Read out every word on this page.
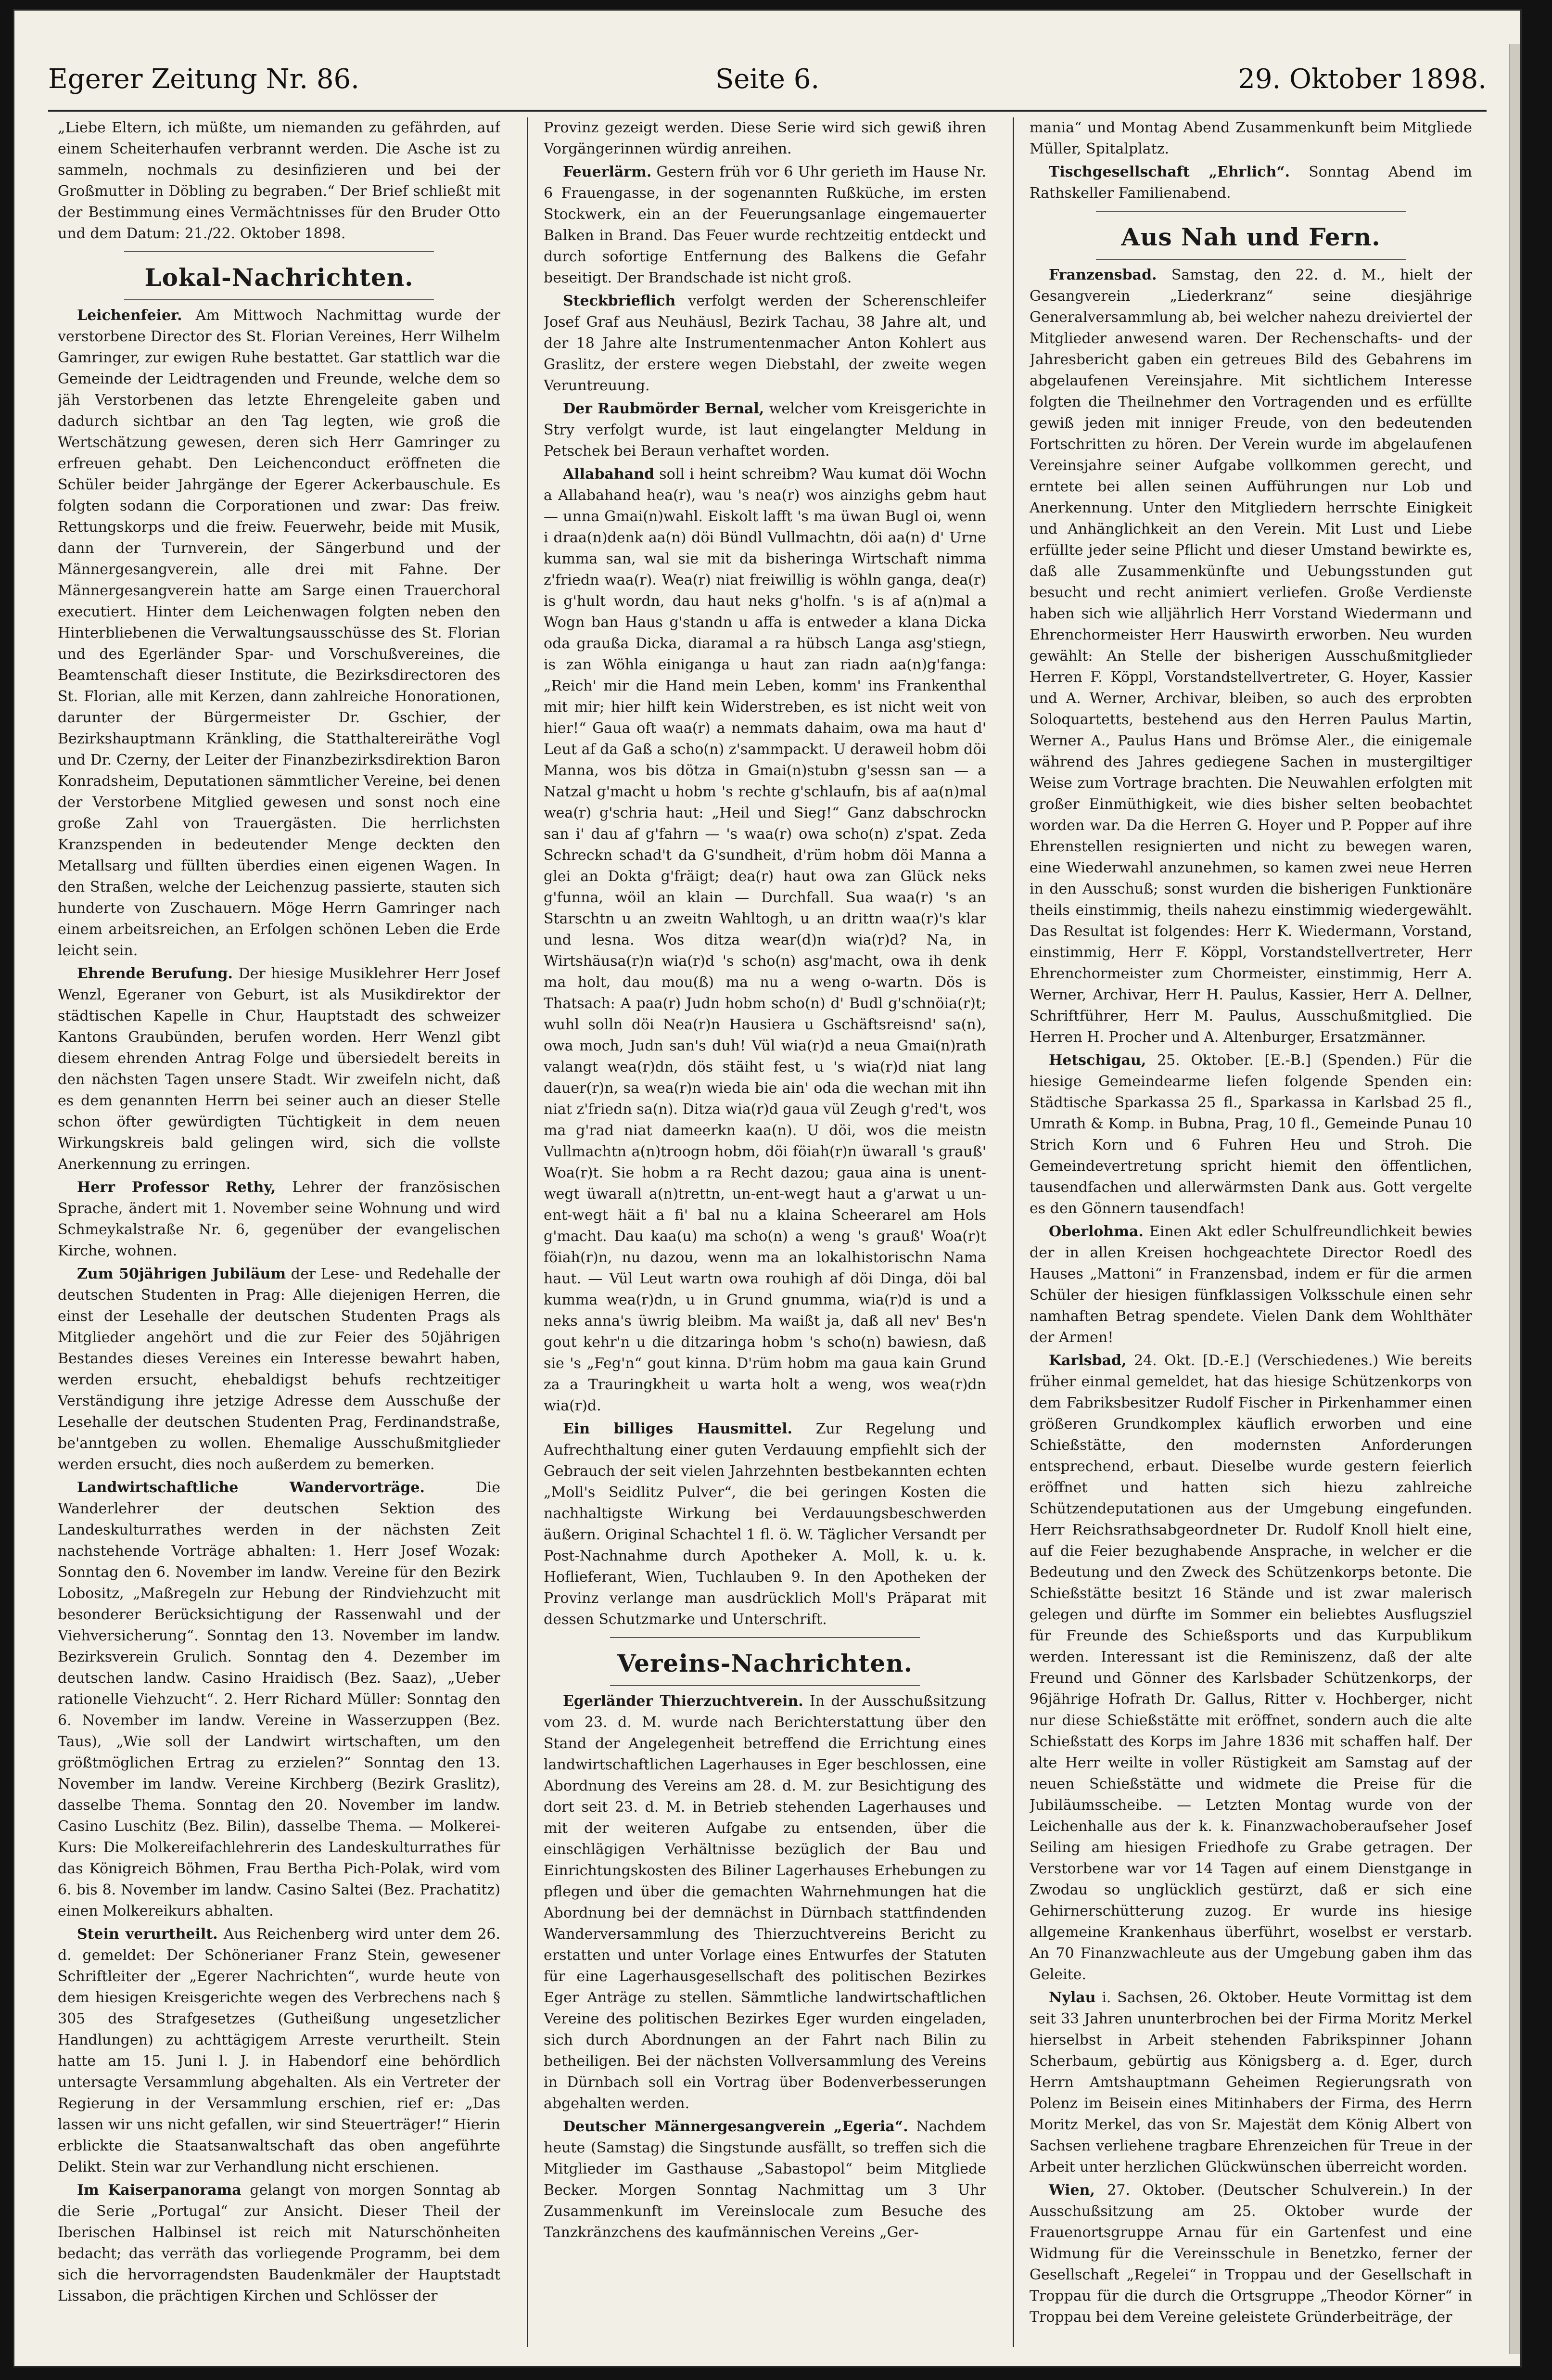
Egerer Zeitung Nr. 86.	Seite 6.	29. Oktober 1898.

„Liebe Eltern, ich müßte, um niemanden zu gefährden, auf einem Scheiterhaufen verbrannt werden. Die Asche ist zu sammeln, nochmals zu desinfizieren und bei der Großmutter in Döbling zu begraben.“ Der Brief schließt mit der Bestimmung eines Vermächtnisses für den Bruder Otto und dem Datum: 21./22. Oktober 1898.

Lokal-Nachrichten.

Leichenfeier. Am Mittwoch Nachmittag wurde der verstorbene Director des St. Florian Vereines, Herr Wilhelm Gamringer, zur ewigen Ruhe bestattet. Gar stattlich war die Gemeinde der Leidtragenden und Freunde, welche dem so jäh Verstorbenen das letzte Ehrengeleite gaben und dadurch sichtbar an den Tag legten, wie groß die Wertschätzung gewesen, deren sich Herr Gamringer zu erfreuen gehabt. Den Leichenconduct eröffneten die Schüler beider Jahrgänge der Egerer Ackerbauschule. Es folgten sodann die Corporationen und zwar: Das freiw. Rettungskorps und die freiw. Feuerwehr, beide mit Musik, dann der Turnverein, der Sängerbund und der Männergesangverein, alle drei mit Fahne. Der Männergesangverein hatte am Sarge einen Trauerchoral executiert. Hinter dem Leichenwagen folgten neben den Hinterbliebenen die Verwaltungsausschüsse des St. Florian und des Egerländer Spar- und Vorschußvereines, die Beamtenschaft dieser Institute, die Bezirksdirectoren des St. Florian, alle mit Kerzen, dann zahlreiche Honorationen, darunter der Bürgermeister Dr. Gschier, der Bezirkshauptmann Kränkling, die Statthaltereiräthe Vogl und Dr. Czerny, der Leiter der Finanzbezirksdirektion Baron Konradsheim, Deputationen sämmtlicher Vereine, bei denen der Verstorbene Mitglied gewesen und sonst noch eine große Zahl von Trauergästen. Die herrlichsten Kranzspenden in bedeutender Menge deckten den Metallsarg und füllten überdies einen eigenen Wagen. In den Straßen, welche der Leichenzug passierte, stauten sich hunderte von Zuschauern. Möge Herrn Gamringer nach einem arbeitsreichen, an Erfolgen schönen Leben die Erde leicht sein.

Ehrende Berufung. Der hiesige Musiklehrer Herr Josef Wenzl, Egeraner von Geburt, ist als Musikdirektor der städtischen Kapelle in Chur, Hauptstadt des schweizer Kantons Graubünden, berufen worden. Herr Wenzl gibt diesem ehrenden Antrag Folge und übersiedelt bereits in den nächsten Tagen unsere Stadt. Wir zweifeln nicht, daß es dem genannten Herrn bei seiner auch an dieser Stelle schon öfter gewürdigten Tüchtigkeit in dem neuen Wirkungskreis bald gelingen wird, sich die vollste Anerkennung zu erringen.

Herr Professor Rethy, Lehrer der französischen Sprache, ändert mit 1. November seine Wohnung und wird Schmeykalstraße Nr. 6, gegenüber der evangelischen Kirche, wohnen.

Zum 50jährigen Jubiläum der Lese- und Redehalle der deutschen Studenten in Prag: Alle diejenigen Herren, die einst der Lesehalle der deutschen Studenten Prags als Mitglieder angehört und die zur Feier des 50jährigen Bestandes dieses Vereines ein Interesse bewahrt haben, werden ersucht, ehebaldigst behufs rechtzeitiger Verständigung ihre jetzige Adresse dem Ausschuße der Lesehalle der deutschen Studenten Prag, Ferdinandstraße, be'anntgeben zu wollen. Ehemalige Ausschußmitglieder werden ersucht, dies noch außerdem zu bemerken.

Landwirtschaftliche Wandervorträge.	Die Wanderlehrer der deutschen Sektion des Landeskulturrathes werden in der nächsten Zeit nachstehende Vorträge abhalten: 1. Herr Josef Wozak: Sonntag den 6. November im landw. Vereine für den Bezirk Lobositz, „Maßregeln zur Hebung der Rindviehzucht mit besonderer Berücksichtigung der Rassenwahl und der Viehversicherung“. Sonntag den 13. November im landw. Bezirksverein Grulich. Sonntag den 4. Dezember im deutschen landw. Casino Hraidisch (Bez. Saaz), „Ueber rationelle Viehzucht“. 2. Herr Richard Müller: Sonntag den 6. November im landw. Vereine in Wasserzuppen (Bez. Taus), „Wie soll der Landwirt wirtschaften, um den größtmöglichen Ertrag zu erzielen?“ Sonntag den 13. November im landw. Vereine Kirchberg (Bezirk Graslitz), dasselbe Thema. Sonntag den 20. November im landw. Casino Luschitz (Bez. Bilin), dasselbe Thema. — Molkerei-Kurs: Die Molkereifachlehrerin des Landeskulturrathes für das Königreich Böhmen, Frau Bertha Pich-Polak, wird vom 6. bis 8. November im landw. Casino Saltei (Bez. Prachatitz) einen Molkereikurs abhalten.

Stein verurtheilt. Aus Reichenberg wird unter dem 26. d. gemeldet: Der Schönerianer Franz Stein, gewesener Schriftleiter der „Egerer Nachrichten“, wurde heute von dem hiesigen Kreisgerichte wegen des Verbrechens nach § 305 des Strafgesetzes (Gutheißung ungesetzlicher Handlungen) zu achttägigem Arreste verurtheilt. Stein hatte am 15. Juni l. J. in Habendorf eine behördlich untersagte Versammlung abgehalten. Als ein Vertreter der Regierung in der Versammlung erschien, rief er: „Das lassen wir uns nicht gefallen, wir sind Steuerträger!“ Hierin erblickte die Staatsanwaltschaft das oben angeführte Delikt. Stein war zur Verhandlung nicht erschienen.

Im Kaiserpanorama gelangt von morgen Sonntag ab die Serie „Portugal“ zur Ansicht. Dieser Theil der Iberischen Halbinsel ist reich mit Naturschönheiten bedacht; das verräth das vorliegende Programm, bei dem sich die hervorragendsten Baudenkmäler der Hauptstadt Lissabon, die prächtigen Kirchen und Schlösser der

Provinz gezeigt werden. Diese Serie wird sich gewiß ihren Vorgängerinnen würdig anreihen.

Feuerlärm. Gestern früh vor 6 Uhr gerieth im Hause Nr. 6 Frauengasse, in der sogenannten Rußküche, im ersten Stockwerk, ein an der Feuerungsanlage eingemauerter Balken in Brand. Das Feuer wurde rechtzeitig entdeckt und durch sofortige Entfernung des Balkens die Gefahr beseitigt. Der Brandschade ist nicht groß.

Steckbrieflich verfolgt werden der Scherenschleifer Josef Graf aus Neuhäusl, Bezirk Tachau, 38 Jahre alt, und der 18 Jahre alte Instrumentenmacher Anton Kohlert aus Graslitz, der erstere wegen Diebstahl, der zweite wegen Veruntreuung.

Der Raubmörder Bernal, welcher vom Kreisgerichte in Stry verfolgt wurde, ist laut eingelangter Meldung in Petschek bei Beraun verhaftet worden.

Allabahand soll i heint schreibm? Wau kumat döi Wochn a Allabahand hea(r), wau 's nea(r) wos ainzighs gebm haut — unna Gmai(n)wahl. Eiskolt lafft 's ma üwan Bugl oi, wenn i draa(n)denk aa(n) döi Bündl Vullmachtn, döi aa(n) d' Urne kumma san, wal sie mit da bisheringa Wirtschaft nimma z'friedn waa(r). Wea(r) niat freiwillig is wöhln ganga, dea(r) is g'hult wordn, dau haut neks g'holfn. 's is af a(n)mal a Wogn ban Haus g'standn u affa is entweder a klana Dicka oda graußa Dicka, diaramal a ra hübsch Langa asg'stiegn, is zan Wöhla einiganga u haut zan riadn aa(n)g'fanga: „Reich' mir die Hand mein Leben, komm' ins Frankenthal mit mir; hier hilft kein Widerstreben, es ist nicht weit von hier!“ Gaua oft waa(r) a nemmats dahaim, owa ma haut d' Leut af da Gaß a scho(n) z'sammpackt. U deraweil hobm döi Manna, wos bis dötza in Gmai(n)stubn g'sessn san — a Natzal g'macht u hobm 's rechte g'schlaufn, bis af aa(n)mal wea(r) g'schria haut: „Heil und Sieg!“ Ganz dabschrockn san i' dau af g'fahrn — 's waa(r) owa scho(n) z'spat. Zeda Schreckn schad't da G'sundheit, d'rüm hobm döi Manna a glei an Dokta g'fräigt; dea(r) haut owa zan Glück neks g'funna, wöil an klain — Durchfall. Sua waa(r) 's an Starschtn u an zweitn Wahltogh, u an drittn waa(r)'s klar und lesna. Wos ditza wear(d)n wia(r)d? Na, in Wirtshäusa(r)n wia(r)d 's scho(n) asg'macht, owa ih denk ma holt, dau mou(ß) ma nu a weng o-wartn. Dös is Thatsach: A paa(r) Judn hobm scho(n) d' Budl g'schnöia(r)t; wuhl solln döi Nea(r)n Hausiera u Gschäftsreisnd' sa(n), owa moch, Judn san's duh! Vül wia(r)d a neua Gmai(n)rath valangt wea(r)dn, dös stäiht fest, u 's wia(r)d niat lang dauer(r)n, sa wea(r)n wieda bie ain' oda die wechan mit ihn niat z'friedn sa(n). Ditza wia(r)d gaua vül Zeugh g'red't, wos ma g'rad niat dameerkn kaa(n). U döi, wos die meistn Vullmachtn a(n)troogn hobm, döi föiah(r)n üwarall 's grauß' Woa(r)t. Sie hobm a ra Recht dazou; gaua aina is unent-wegt üwarall a(n)trettn, un-ent-wegt haut a g'arwat u un-ent-wegt häit a fi' bal nu a klaina Scheerarel am Hols g'macht. Dau kaa(u) ma scho(n) a weng 's grauß' Woa(r)t föiah(r)n, nu dazou, wenn ma an lokalhistorischn Nama haut. — Vül Leut wartn owa rouhigh af döi Dinga, döi bal kumma wea(r)dn, u in Grund gnumma, wia(r)d is und a neks anna's üwrig bleibm. Ma waißt ja, daß all nev' Bes'n gout kehr'n u die ditzaringa hobm 's scho(n) bawiesn, daß sie 's „Feg'n“ gout kinna. D'rüm hobm ma gaua kain Grund za a Trauringkheit u warta holt a weng, wos wea(r)dn wia(r)d.

Ein billiges Hausmittel. Zur Regelung und Aufrechthaltung einer guten Verdauung empfiehlt sich der Gebrauch der seit vielen Jahrzehnten bestbekannten echten „Moll's Seidlitz Pulver“, die bei geringen Kosten die nachhaltigste Wirkung bei Verdauungsbeschwerden äußern. Original Schachtel 1 fl. ö. W. Täglicher Versandt per Post-Nachnahme durch Apotheker A. Moll, k. u. k. Hoflieferant, Wien, Tuchlauben 9. In den Apotheken der Provinz verlange man ausdrücklich Moll's Präparat mit dessen Schutzmarke und Unterschrift.

Vereins-Nachrichten.

Egerländer Thierzuchtverein. In der Ausschußsitzung vom 23. d. M. wurde nach Berichterstattung über den Stand der Angelegenheit betreffend die Errichtung eines landwirtschaftlichen Lagerhauses in Eger beschlossen, eine Abordnung des Vereins am 28. d. M. zur Besichtigung des dort seit 23. d. M. in Betrieb stehenden Lagerhauses und mit der weiteren Aufgabe zu entsenden, über die einschlägigen Verhältnisse bezüglich der Bau und Einrichtungskosten des Biliner Lagerhauses Erhebungen zu pflegen und über die gemachten Wahrnehmungen hat die Abordnung bei der demnächst in Dürnbach stattfindenden Wanderversammlung des Thierzuchtvereins Bericht zu erstatten und unter Vorlage eines Entwurfes der Statuten für eine Lagerhausgesellschaft des politischen Bezirkes Eger Anträge zu stellen. Sämmtliche landwirtschaftlichen Vereine des politischen Bezirkes Eger wurden eingeladen, sich durch Abordnungen an der Fahrt nach Bilin zu betheiligen. Bei der nächsten Vollversammlung des Vereins in Dürnbach soll ein Vortrag über Bodenverbesserungen abgehalten werden.

Deutscher Männergesangverein „Egeria“. Nachdem heute (Samstag) die Singstunde ausfällt, so treffen sich die Mitglieder im Gasthause „Sabastopol“ beim Mitgliede Becker. Morgen Sonntag Nachmittag um 3 Uhr Zusammenkunft im Vereinslocale zum Besuche des Tanzkränzchens des kaufmännischen Vereins „Ger-

mania“ und Montag Abend Zusammenkunft beim Mitgliede Müller, Spitalplatz.

Tischgesellschaft „Ehrlich“. Sonntag Abend im Rathskeller Familienabend.

Aus Nah und Fern.

Franzensbad. Samstag, den 22. d. M., hielt der Gesangverein „Liederkranz“ seine diesjährige Generalversammlung ab, bei welcher nahezu dreiviertel der Mitglieder anwesend waren. Der Rechenschafts- und der Jahresbericht gaben ein getreues Bild des Gebahrens im abgelaufenen Vereinsjahre. Mit sichtlichem Interesse folgten die Theilnehmer den Vortragenden und es erfüllte gewiß jeden mit inniger Freude, von den bedeutenden Fortschritten zu hören. Der Verein wurde im abgelaufenen Vereinsjahre seiner Aufgabe vollkommen gerecht, und erntete bei allen seinen Aufführungen nur Lob und Anerkennung. Unter den Mitgliedern herrschte Einigkeit und Anhänglichkeit an den Verein. Mit Lust und Liebe erfüllte jeder seine Pflicht und dieser Umstand bewirkte es, daß alle Zusammenkünfte und Uebungsstunden gut besucht und recht animiert verliefen. Große Verdienste haben sich wie alljährlich Herr Vorstand Wiedermann und Ehrenchormeister Herr Hauswirth erworben. Neu wurden gewählt: An Stelle der bisherigen Ausschußmitglieder Herren F. Köppl, Vorstandstellvertreter, G. Hoyer, Kassier und A. Werner, Archivar, bleiben, so auch des erprobten Soloquartetts, bestehend aus den Herren Paulus Martin, Werner A., Paulus Hans und Brömse Aler., die einigemale während des Jahres gediegene Sachen in mustergiltiger Weise zum Vortrage brachten. Die Neuwahlen erfolgten mit großer Einmüthigkeit, wie dies bisher selten beobachtet worden war. Da die Herren G. Hoyer und P. Popper auf ihre Ehrenstellen resignierten und nicht zu bewegen waren, eine Wiederwahl anzunehmen, so kamen zwei neue Herren in den Ausschuß; sonst wurden die bisherigen Funktionäre theils einstimmig, theils nahezu einstimmig wiedergewählt. Das Resultat ist folgendes: Herr K. Wiedermann, Vorstand, einstimmig, Herr F. Köppl, Vorstandstellvertreter, Herr Ehrenchormeister zum Chormeister, einstimmig, Herr A. Werner, Archivar, Herr H. Paulus, Kassier, Herr A. Dellner, Schriftführer, Herr M. Paulus, Ausschußmitglied. Die Herren H. Procher und A. Altenburger, Ersatzmänner.

Hetschigau, 25. Oktober. [E.-B.] (Spenden.) Für die hiesige Gemeindearme liefen folgende Spenden ein: Städtische Sparkassa 25 fl., Sparkassa in Karlsbad 25 fl., Umrath & Komp. in Bubna, Prag, 10 fl., Gemeinde Punau 10 Strich Korn und 6 Fuhren Heu und Stroh. Die Gemeindevertretung spricht hiemit den öffentlichen, tausendfachen und allerwärmsten Dank aus. Gott vergelte es den Gönnern tausendfach!

Oberlohma. Einen Akt edler Schulfreundlichkeit bewies der in allen Kreisen hochgeachtete Director Roedl des Hauses „Mattoni“ in Franzensbad, indem er für die armen Schüler der hiesigen fünfklassigen Volksschule einen sehr namhaften Betrag spendete. Vielen Dank dem Wohlthäter der Armen!

Karlsbad, 24. Okt. [D.-E.] (Verschiedenes.) Wie bereits früher einmal gemeldet, hat das hiesige Schützenkorps von dem Fabriksbesitzer Rudolf Fischer in Pirkenhammer einen größeren Grundkomplex käuflich erworben und eine Schießstätte, den modernsten Anforderungen entsprechend, erbaut. Dieselbe wurde gestern feierlich eröffnet und hatten sich hiezu zahlreiche Schützendeputationen aus der Umgebung eingefunden. Herr Reichsrathsabgeordneter Dr. Rudolf Knoll hielt eine, auf die Feier bezughabende Ansprache, in welcher er die Bedeutung und den Zweck des Schützenkorps betonte. Die Schießstätte besitzt 16 Stände und ist zwar malerisch gelegen und dürfte im Sommer ein beliebtes Ausflugsziel für Freunde des Schießsports und das Kurpublikum werden. Interessant ist die Reminiszenz, daß der alte Freund und Gönner des Karlsbader Schützenkorps, der 96jährige Hofrath Dr. Gallus, Ritter v. Hochberger, nicht nur diese Schießstätte mit eröffnet, sondern auch die alte Schießstatt des Korps im Jahre 1836 mit schaffen half. Der alte Herr weilte in voller Rüstigkeit am Samstag auf der neuen Schießstätte und widmete die Preise für die Jubiläumsscheibe. — Letzten Montag wurde von der Leichenhalle aus der k. k. Finanzwachoberaufseher Josef Seiling am hiesigen Friedhofe zu Grabe getragen. Der Verstorbene war vor 14 Tagen auf einem Dienstgange in Zwodau so unglücklich gestürzt, daß er sich eine Gehirnerschütterung zuzog. Er wurde ins hiesige allgemeine Krankenhaus überführt, woselbst er verstarb. An 70 Finanzwachleute aus der Umgebung gaben ihm das Geleite.

Nylau i. Sachsen, 26. Oktober. Heute Vormittag ist dem seit 33 Jahren ununterbrochen bei der Firma Moritz Merkel hierselbst in Arbeit stehenden Fabrikspinner Johann Scherbaum, gebürtig aus Königsberg a. d. Eger, durch Herrn Amtshauptmann Geheimen Regierungsrath von Polenz im Beisein eines Mitinhabers der Firma, des Herrn Moritz Merkel, das von Sr. Majestät dem König Albert von Sachsen verliehene tragbare Ehrenzeichen für Treue in der Arbeit unter herzlichen Glückwünschen überreicht worden.

Wien, 27. Oktober. (Deutscher Schulverein.) In der Ausschußsitzung am 25. Oktober wurde der Frauenortsgruppe Arnau für ein Gartenfest und eine Widmung für die Vereinsschule in Benetzko, ferner der Gesellschaft „Regelei“ in Troppau und der Gesellschaft in Troppau für die durch die Ortsgruppe „Theodor Körner“ in Troppau bei dem Vereine geleistete Gründerbeiträge, der
